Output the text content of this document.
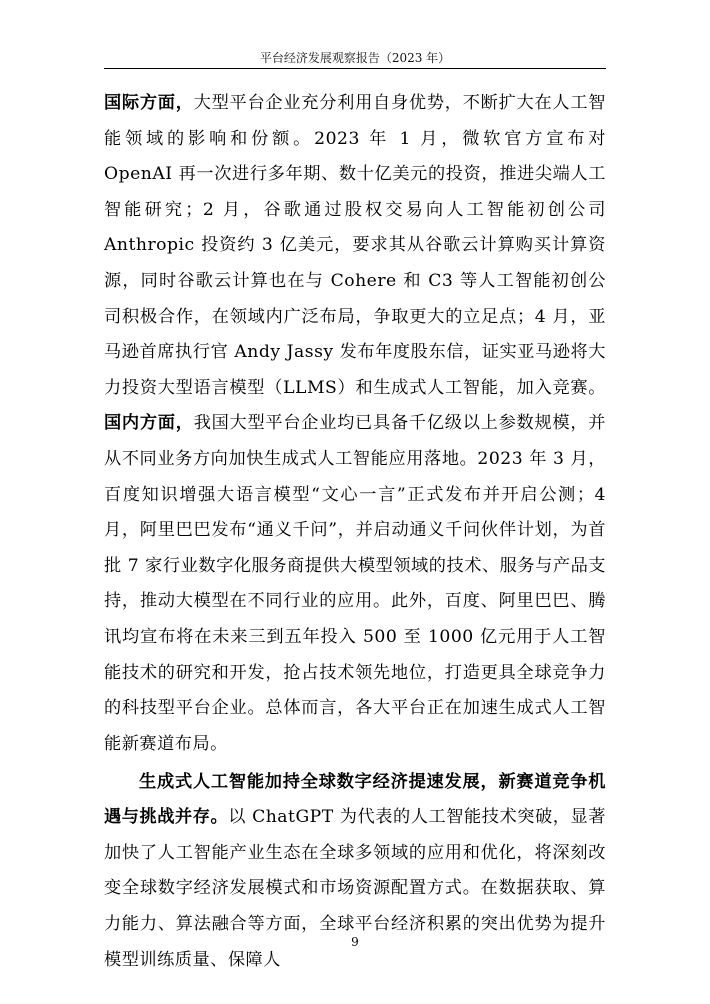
平台经济发展观察报告（2023 年）

国际方面，大型平台企业充分利用自身优势，不断扩大在人工智能领域的影响和份额。2023 年 1 月，微软官方宣布对 OpenAI 再一次进行多年期、数十亿美元的投资，推进尖端人工智能研究；2 月，谷歌通过股权交易向人工智能初创公司 Anthropic 投资约 3 亿美元，要求其从谷歌云计算购买计算资源，同时谷歌云计算也在与 Cohere 和 C3 等人工智能初创公司积极合作，在领域内广泛布局，争取更大的立足点；4 月，亚马逊首席执行官 Andy Jassy 发布年度股东信，证实亚马逊将大力投资大型语言模型（LLMS）和生成式人工智能，加入竞赛。国内方面，我国大型平台企业均已具备千亿级以上参数规模，并从不同业务方向加快生成式人工智能应用落地。2023 年 3 月，百度知识增强大语言模型“文心一言”正式发布并开启公测；4 月，阿里巴巴发布“通义千问”，并启动通义千问伙伴计划，为首批 7 家行业数字化服务商提供大模型领域的技术、服务与产品支持，推动大模型在不同行业的应用。此外，百度、阿里巴巴、腾讯均宣布将在未来三到五年投入 500 至 1000 亿元用于人工智能技术的研究和开发，抢占技术领先地位，打造更具全球竞争力的科技型平台企业。总体而言，各大平台正在加速生成式人工智能新赛道布局。

生成式人工智能加持全球数字经济提速发展，新赛道竞争机遇与挑战并存。以 ChatGPT 为代表的人工智能技术突破，显著加快了人工智能产业生态在全球多领域的应用和优化，将深刻改变全球数字经济发展模式和市场资源配置方式。在数据获取、算力能力、算法融合等方面，全球平台经济积累的突出优势为提升模型训练质量、保障人

9
